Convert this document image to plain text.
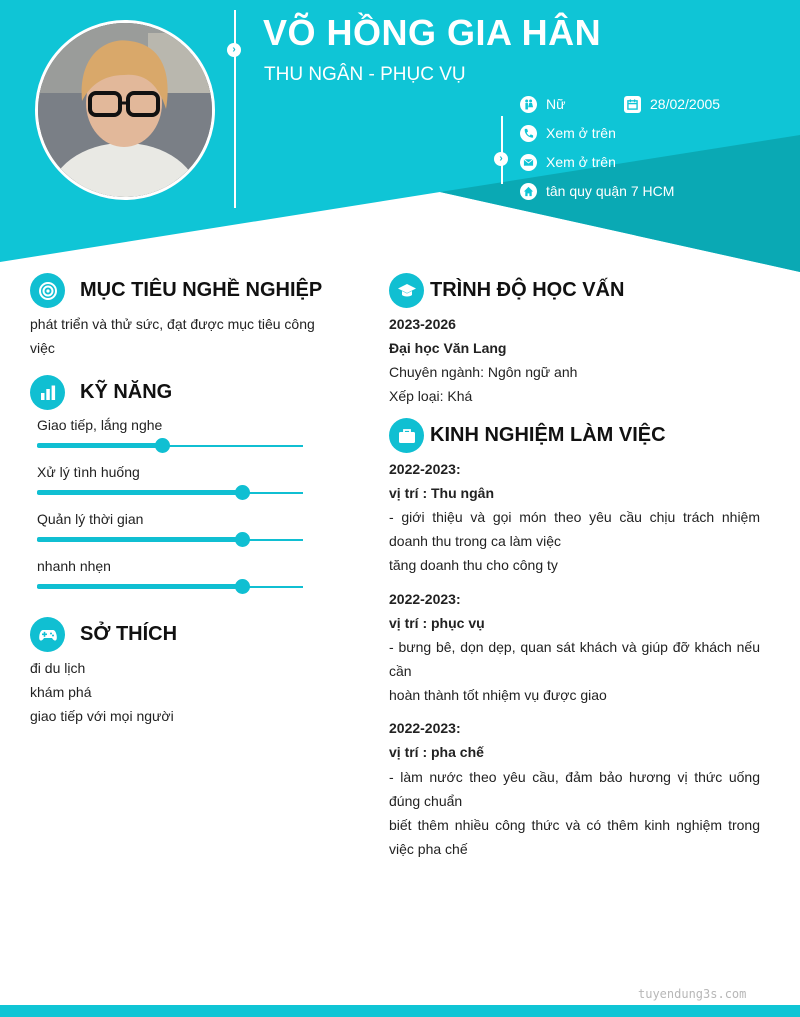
› VÕ HỒNG GIA HÂN
THU NGÂN - PHỤC VỤ
›
Nữ	28/02/2005
Xem ở trên
Xem ở trên
tân quy quận 7 HCM
MỤC TIÊU NGHỀ NGHIỆP
phát triển và thử sức, đạt được mục tiêu công việc
KỸ NĂNG
Giao tiếp, lắng nghe
Xử lý tình huống
Quản lý thời gian
nhanh nhẹn
SỞ THÍCH
đi du lịch
khám phá
giao tiếp với mọi người
TRÌNH ĐỘ HỌC VẤN
2023-2026
Đại học Văn Lang
Chuyên ngành: Ngôn ngữ anh
Xếp loại: Khá
KINH NGHIỆM LÀM VIỆC
2022-2023:
vị trí : Thu ngân
- giới thiệu và gọi món theo yêu cầu chịu trách nhiệm doanh thu trong ca làm việc
tăng doanh thu cho công ty
2022-2023:
vị trí : phục vụ
- bưng bê, dọn dẹp, quan sát khách và giúp đỡ khách nếu cần
hoàn thành tốt nhiệm vụ được giao
2022-2023:
vị trí : pha chế
- làm nước theo yêu cầu, đảm bảo hương vị thức uống đúng chuẩn
biết thêm nhiều công thức và có thêm kinh nghiệm trong việc pha chế
tuyendung3s.com
